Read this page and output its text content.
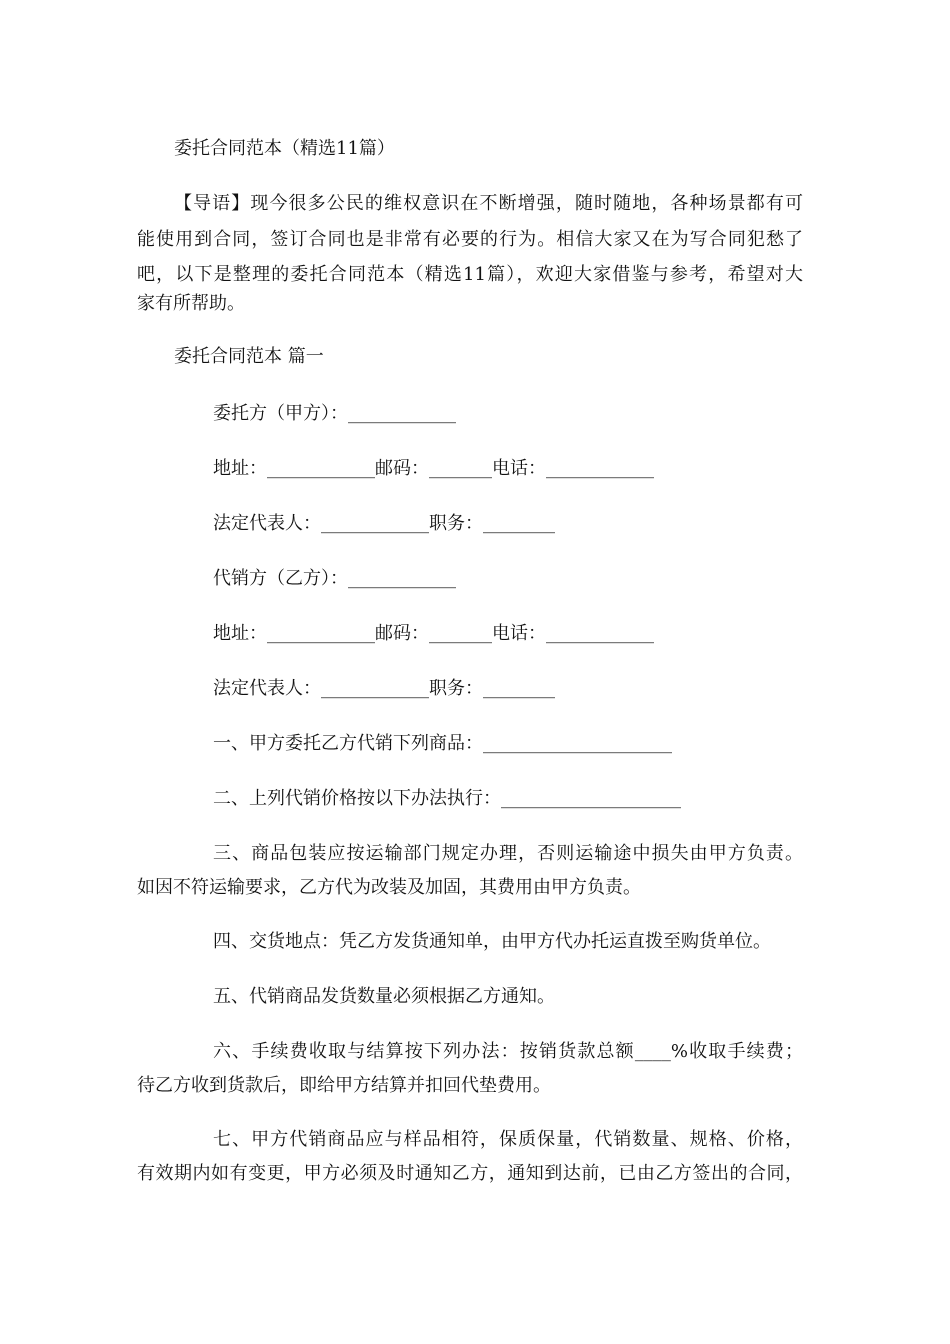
委托合同范本（精选11篇）
【导语】现今很多公民的维权意识在不断增强，随时随地，各种场景都有可
能使用到合同，签订合同也是非常有必要的行为。相信大家又在为写合同犯愁了
吧，以下是整理的委托合同范本（精选11篇），欢迎大家借鉴与参考，希望对大
家有所帮助。
委托合同范本 篇一
委托方（甲方）：____________
地址：____________邮码：_______电话：____________
法定代表人：____________职务：________
代销方（乙方）：____________
地址：____________邮码：_______电话：____________
法定代表人：____________职务：________
一、甲方委托乙方代销下列商品：_____________________
二、上列代销价格按以下办法执行：____________________
三、商品包装应按运输部门规定办理，否则运输途中损失由甲方负责。
如因不符运输要求，乙方代为改装及加固，其费用由甲方负责。
四、交货地点：凭乙方发货通知单，由甲方代办托运直拨至购货单位。
五、代销商品发货数量必须根据乙方通知。
六、手续费收取与结算按下列办法：按销货款总额____%收取手续费；
待乙方收到货款后，即给甲方结算并扣回代垫费用。
七、甲方代销商品应与样品相符，保质保量，代销数量、规格、价格，
有效期内如有变更，甲方必须及时通知乙方，通知到达前，已由乙方签出的合同，
